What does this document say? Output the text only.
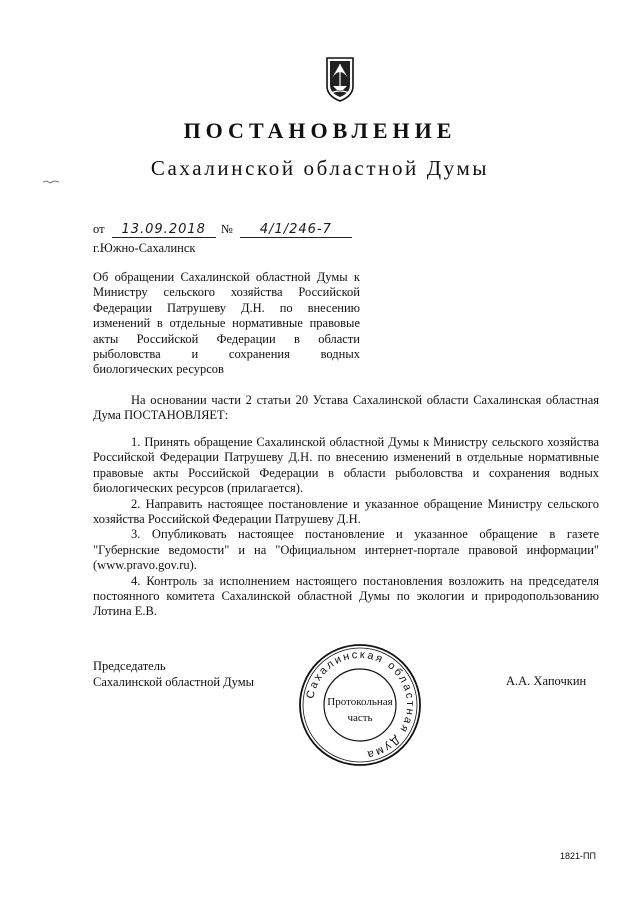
ПОСТАНОВЛЕНИЕ
Сахалинской областной Думы
от 13.09.2018 № 4/1/246-7
г.Южно-Сахалинск
Об обращении Сахалинской областной Думы к
Министру сельского хозяйства Российской
Федерации Патрушеву Д.Н. по внесению
изменений в отдельные нормативные правовые
акты Российской Федерации в области
рыболовства и сохранения водных
биологических ресурсов

На основании части 2 статьи 20 Устава Сахалинской области Сахалинская областная Дума ПОСТАНОВЛЯЕТ:

1. Принять обращение Сахалинской областной Думы к Министру сельского хозяйства Российской Федерации Патрушеву Д.Н. по внесению изменений в отдельные нормативные правовые акты Российской Федерации в области рыболовства и сохранения водных биологических ресурсов (прилагается).

2. Направить настоящее постановление и указанное обращение Министру сельского хозяйства Российской Федерации Патрушеву Д.Н.

3. Опубликовать настоящее постановление и указанное обращение в газете "Губернские ведомости" и на "Официальном интернет-портале правовой информации" (www.pravo.gov.ru).

4. Контроль за исполнением настоящего постановления возложить на председателя постоянного комитета Сахалинской областной Думы по экологии и природопользованию Лотина Е.В.

Председатель
Сахалинской областной Думы	А.А. Хапочкин
Сахалинская областная Дума
Протокольная
часть
1821-ПП
